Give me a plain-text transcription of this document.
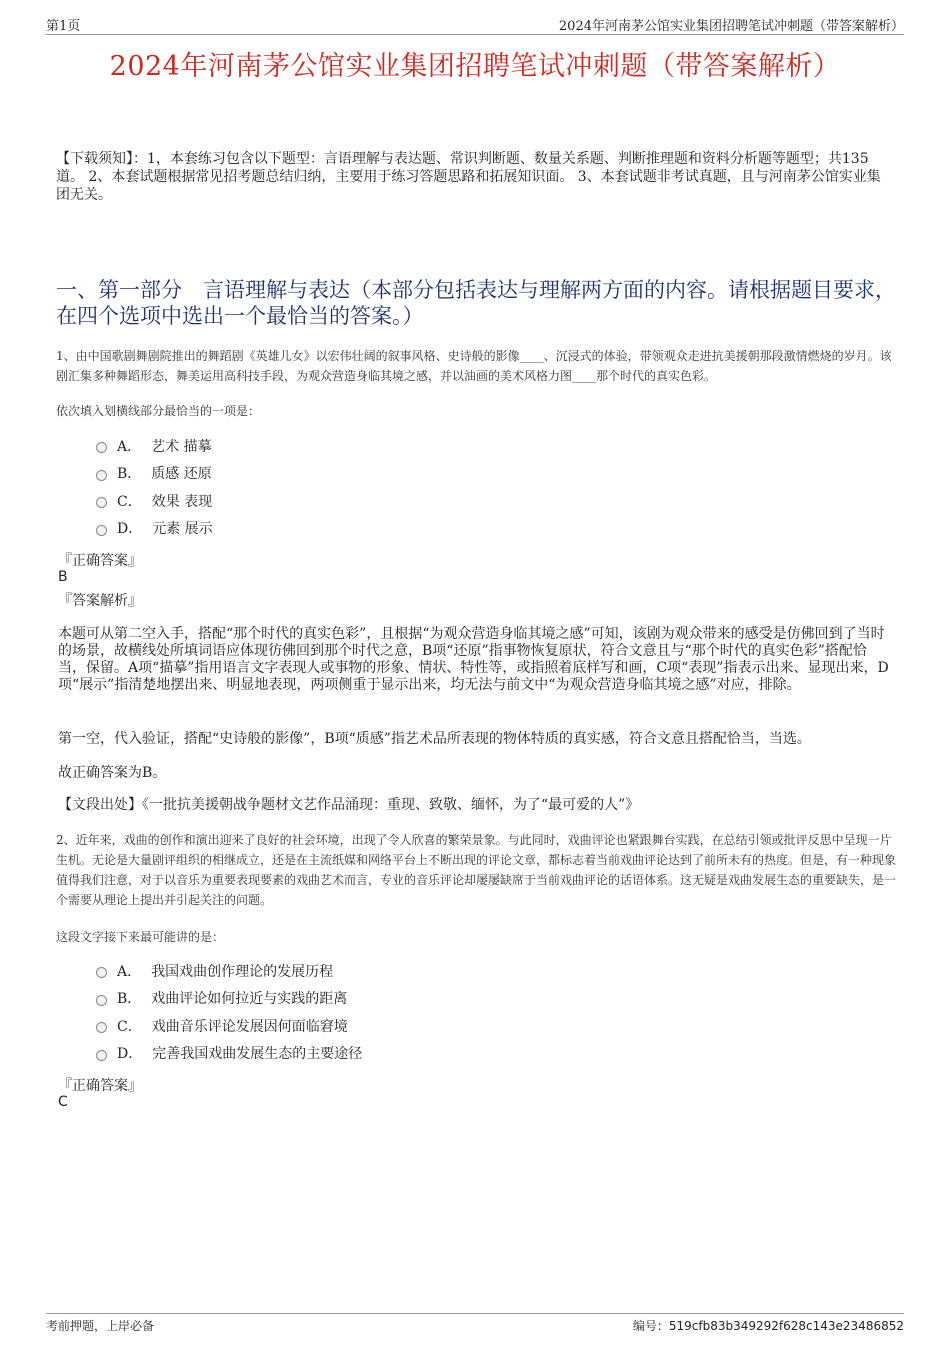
第1页	2024年河南茅公馆实业集团招聘笔试冲刺题（带答案解析）
2024年河南茅公馆实业集团招聘笔试冲刺题（带答案解析）
【下载须知】：1，本套练习包含以下题型：言语理解与表达题、常识判断题、数量关系题、判断推理题和资料分析题等题型；共135道。 2、本套试题根据常见招考题总结归纳，主要用于练习答题思路和拓展知识面。 3、本套试题非考试真题，且与河南茅公馆实业集团无关。
一、第一部分　言语理解与表达（本部分包括表达与理解两方面的内容。请根据题目要求，在四个选项中选出一个最恰当的答案。）
1、由中国歌剧舞剧院推出的舞蹈剧《英雄儿女》以宏伟壮阔的叙事风格、史诗般的影像____、沉浸式的体验，带领观众走进抗美援朝那段激情燃烧的岁月。该剧汇集多种舞蹈形态，舞美运用高科技手段，为观众营造身临其境之感，并以油画的美术风格力图____那个时代的真实色彩。
依次填入划横线部分最恰当的一项是：
A． 艺术 描摹
B． 质感 还原
C． 效果 表现
D． 元素 展示
『正确答案』
B
『答案解析』
本题可从第二空入手，搭配“那个时代的真实色彩”，且根据“为观众营造身临其境之感”可知，该剧为观众带来的感受是仿佛回到了当时的场景，故横线处所填词语应体现彷佛回到那个时代之意，B项“还原”指事物恢复原状，符合文意且与“那个时代的真实色彩”搭配恰当，保留。A项“描摹”指用语言文字表现人或事物的形象、情状、特性等，或指照着底样写和画，C项“表现”指表示出来、显现出来，D项“展示”指清楚地摆出来、明显地表现，两项侧重于显示出来，均无法与前文中“为观众营造身临其境之感”对应，排除。
第一空，代入验证，搭配“史诗般的影像”，B项“质感”指艺术品所表现的物体特质的真实感，符合文意且搭配恰当，当选。
故正确答案为B。
【文段出处】《一批抗美援朝战争题材文艺作品涌现：重现、致敬、缅怀，为了“最可爱的人”》
2、近年来，戏曲的创作和演出迎来了良好的社会环境，出现了令人欣喜的繁荣景象。与此同时，戏曲评论也紧跟舞台实践，在总结引领或批评反思中呈现一片生机。无论是大量剧评组织的相继成立，还是在主流纸媒和网络平台上不断出现的评论文章，都标志着当前戏曲评论达到了前所未有的热度。但是，有一种现象值得我们注意，对于以音乐为重要表现要素的戏曲艺术而言，专业的音乐评论却屡屡缺席于当前戏曲评论的话语体系。这无疑是戏曲发展生态的重要缺失，是一个需要从理论上提出并引起关注的问题。
这段文字接下来最可能讲的是：
A． 我国戏曲创作理论的发展历程
B． 戏曲评论如何拉近与实践的距离
C． 戏曲音乐评论发展因何面临窘境
D． 完善我国戏曲发展生态的主要途径
『正确答案』
C
考前押题，上岸必备	编号：519cfb83b349292f628c143e23486852
